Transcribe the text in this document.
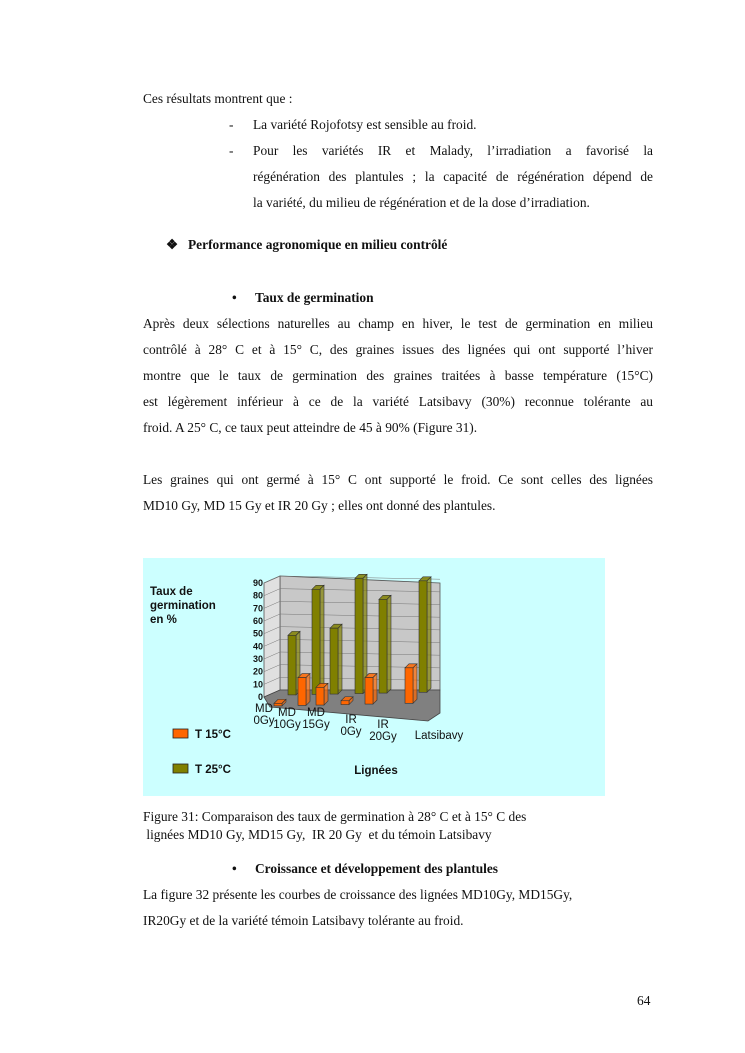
Ces résultats montrent que :
- La variété Rojofotsy est sensible au froid.
- Pour les variétés IR et Malady, l’irradiation a favorisé la
régénération des plantules ; la capacité de régénération dépend de
la variété, du milieu de régénération et de la dose d’irradiation.
❖ Performance agronomique en milieu contrôlé
• Taux de germination
Après deux sélections naturelles au champ en hiver, le test de germination en milieu
contrôlé à 28° C et à 15° C, des graines issues des lignées qui ont supporté l’hiver
montre que le taux de germination des graines traitées à basse température (15°C)
est légèrement inférieur à ce de la variété Latsibavy (30%) reconnue tolérante au
froid. A 25° C, ce taux peut atteindre de 45 à 90% (Figure 31).
Les graines qui ont germé à 15° C ont supporté le froid. Ce sont celles des lignées
MD10 Gy, MD 15 Gy et IR 20 Gy ; elles ont donné des plantules.
0
10
20
30
40
50
60
70
80
90
MD
0Gy
MD
10Gy
MD
15Gy IR
0Gy
IR
20Gy Latsibavy
Taux de
germination
en %
Lignées
T 15°C
T 25°C
Figure 31: Comparaison des taux de germination à 28° C et à 15° C des
lignées MD10 Gy, MD15 Gy,  IR 20 Gy  et du témoin Latsibavy
• Croissance et développement des plantules
La figure 32 présente les courbes de croissance des lignées MD10Gy, MD15Gy,
IR20Gy et de la variété témoin Latsibavy tolérante au froid.
64
